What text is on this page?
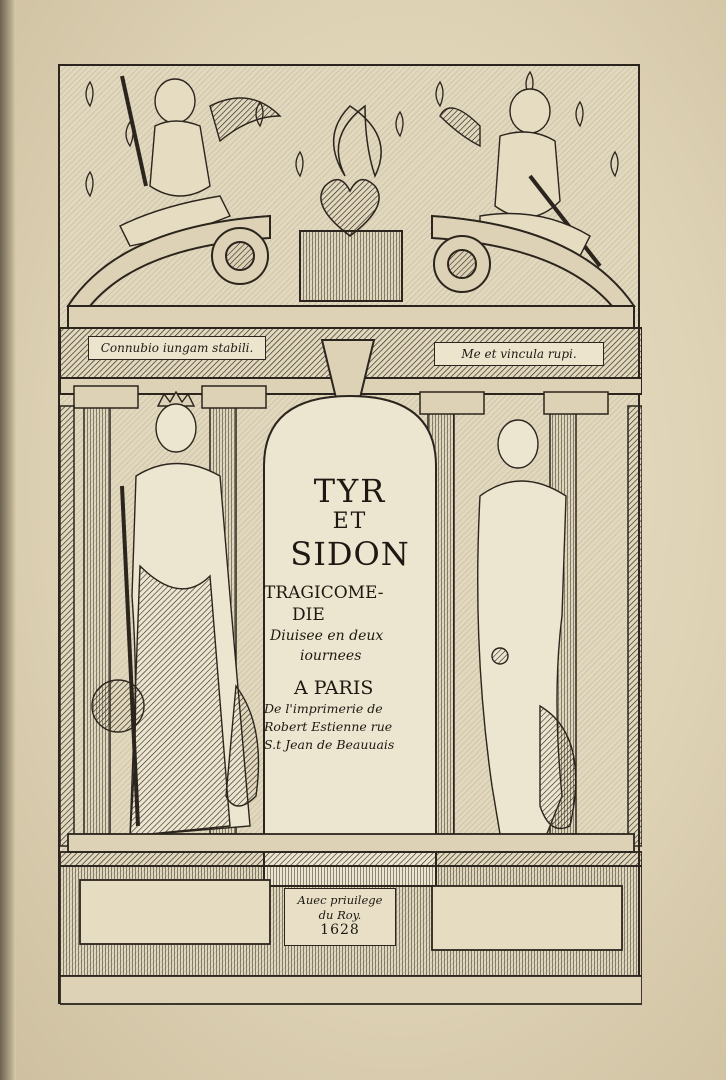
Connubio iungam stabili.	Me et vincula rupi.
TYR
ET
SIDON
TRAGICOME-
DIE
Diuisee en deux
iournees
A PARIS
De l'imprimerie de
Robert Estienne rue
S.t Jean de Beauuais
Auec priuilege
du Roy.
1628
